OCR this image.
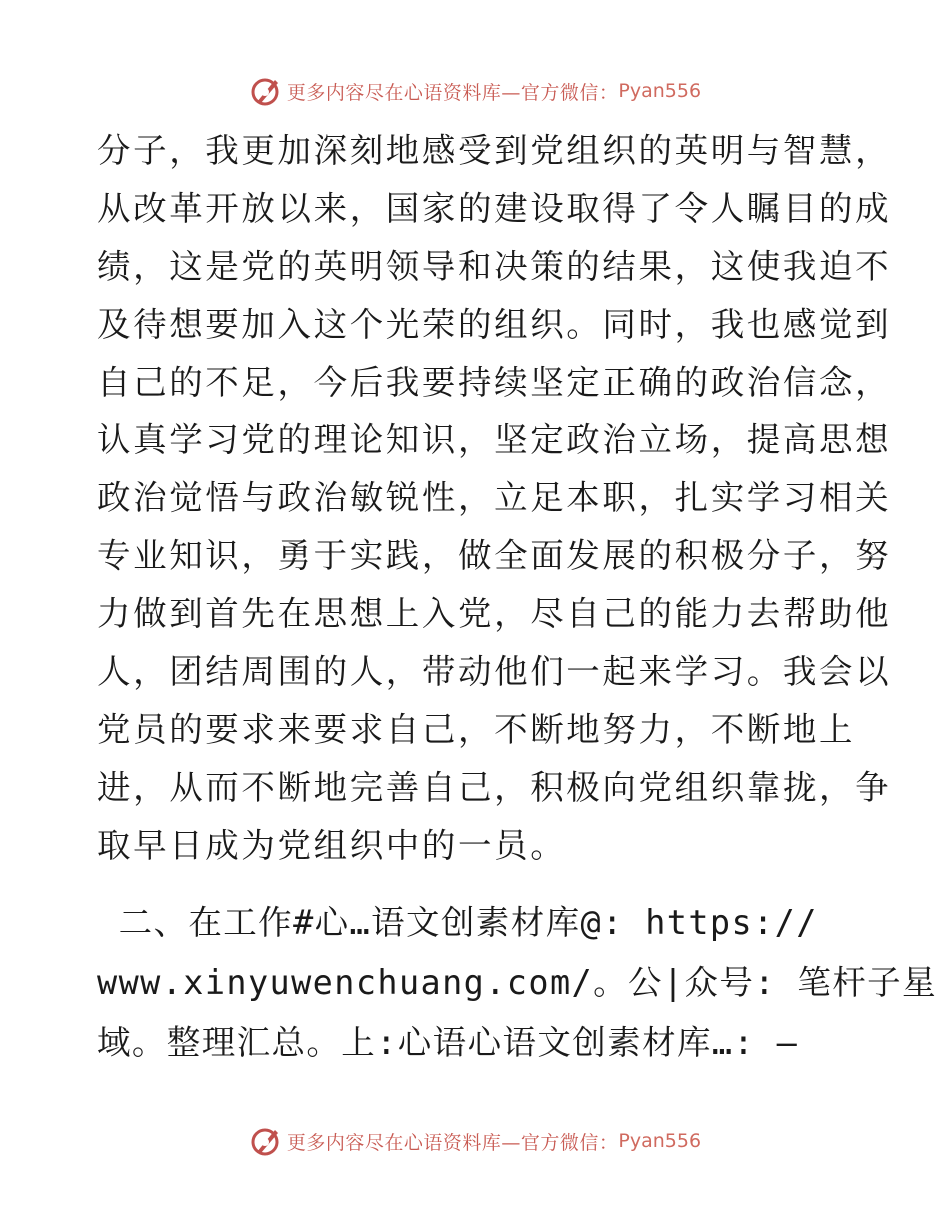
更多内容尽在心语资料库—官方微信： Pyan556
分子，我更加深刻地感受到党组织的英明与智慧，
从改革开放以来，国家的建设取得了令人瞩目的成
绩，这是党的英明领导和决策的结果，这使我迫不
及待想要加入这个光荣的组织。同时，我也感觉到
自己的不足，今后我要持续坚定正确的政治信念，
认真学习党的理论知识，坚定政治立场，提高思想
政治觉悟与政治敏锐性，立足本职，扎实学习相关
专业知识，勇于实践，做全面发展的积极分子，努
力做到首先在思想上入党，尽自己的能力去帮助他
人，团结周围的人，带动他们一起来学习。我会以
党员的要求来要求自己，不断地努力，不断地上
进，从而不断地完善自己，积极向党组织靠拢，争
取早日成为党组织中的一员。
二、在工作#心…语文创素材库@: https://
www.xinyuwenchuang.com/。公|众号: 笔杆子星
域。整理汇总。上:心语心语文创素材库…: —
更多内容尽在心语资料库—官方微信： Pyan556
